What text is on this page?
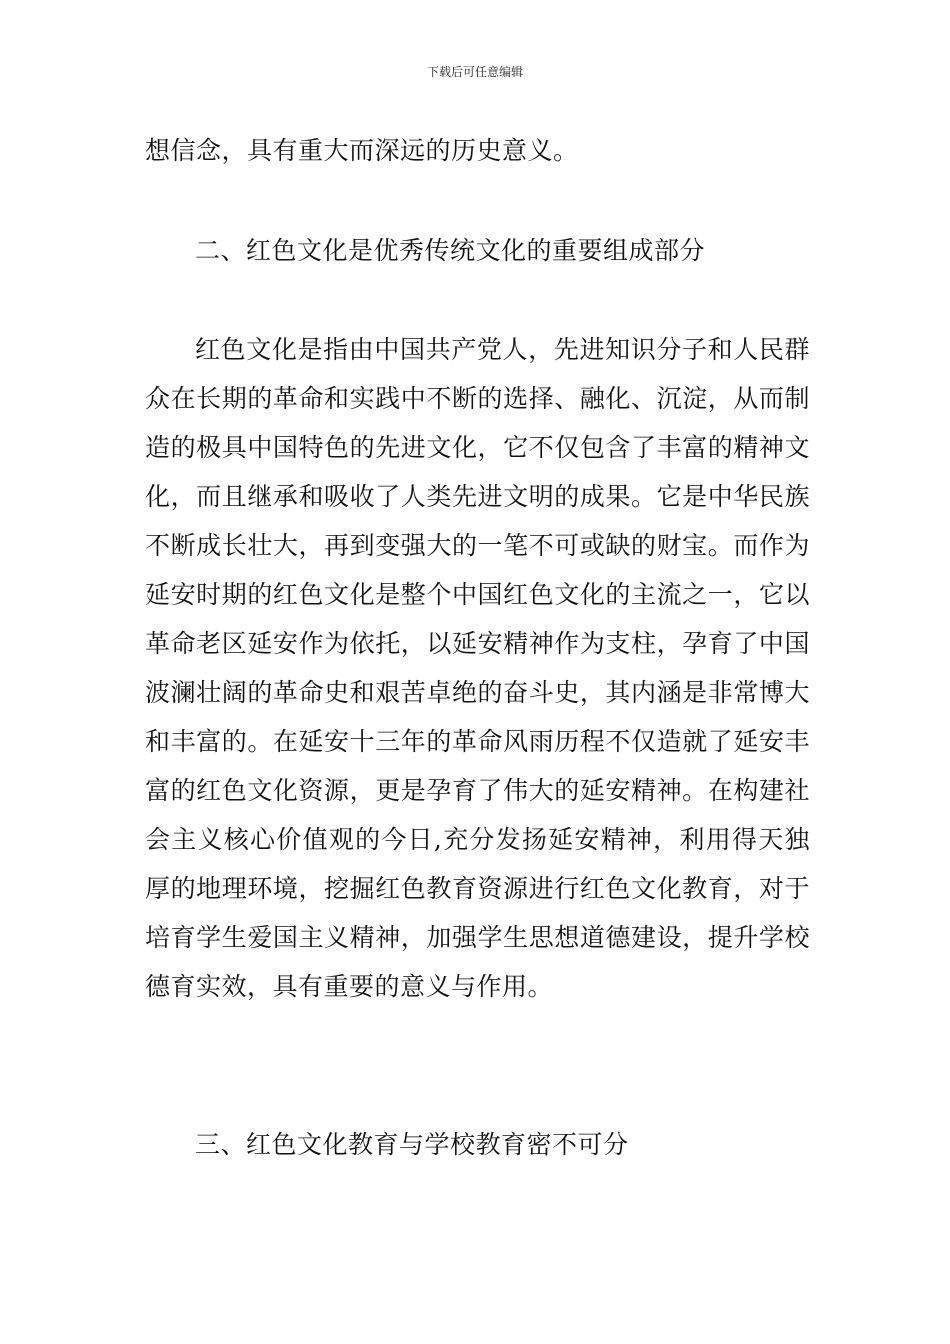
下载后可任意编辑
想信念，具有重大而深远的历史意义。
二、红色文化是优秀传统文化的重要组成部分
红色文化是指由中国共产党人，先进知识分子和人民群众在长期的革命和实践中不断的选择、融化、沉淀，从而制造的极具中国特色的先进文化，它不仅包含了丰富的精神文化，而且继承和吸收了人类先进文明的成果。它是中华民族不断成长壮大，再到变强大的一笔不可或缺的财宝。而作为延安时期的红色文化是整个中国红色文化的主流之一，它以革命老区延安作为依托，以延安精神作为支柱，孕育了中国波澜壮阔的革命史和艰苦卓绝的奋斗史，其内涵是非常博大和丰富的。在延安十三年的革命风雨历程不仅造就了延安丰富的红色文化资源，更是孕育了伟大的延安精神。在构建社会主义核心价值观的今日,充分发扬延安精神，利用得天独厚的地理环境，挖掘红色教育资源进行红色文化教育，对于培育学生爱国主义精神，加强学生思想道德建设，提升学校德育实效，具有重要的意义与作用。
三、红色文化教育与学校教育密不可分
